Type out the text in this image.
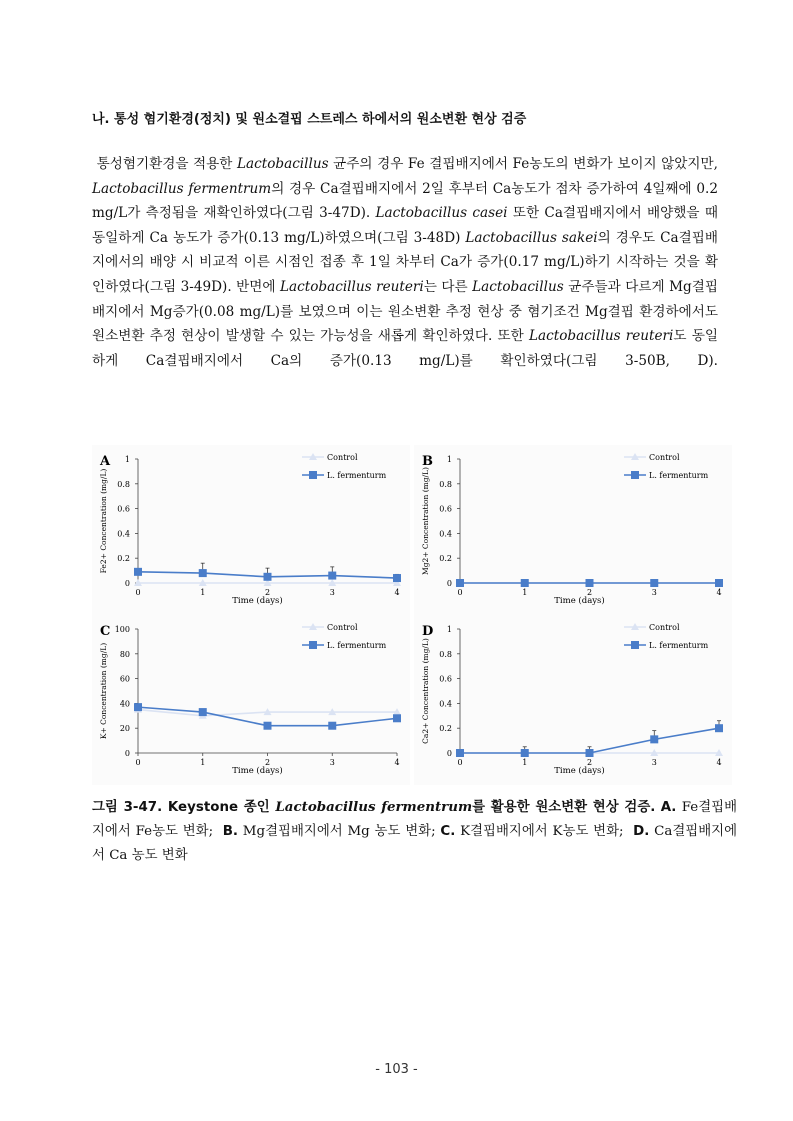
나. 통성 혐기환경(정치) 및 원소결핍 스트레스 하에서의 원소변환 현상 검증
통성혐기환경을 적용한 Lactobacillus 균주의 경우 Fe 결핍배지에서 Fe농도의 변화가 보이지 않았지만, Lactobacillus fermentrum의 경우 Ca결핍배지에서 2일 후부터 Ca농도가 점차 증가하여 4일째에 0.2 mg/L가 측정됨을 재확인하였다(그림 3-47D). Lactobacillus casei 또한 Ca결핍배지에서 배양했을 때 동일하게 Ca 농도가 증가(0.13 mg/L)하였으며(그림 3-48D) Lactobacillus sakei의 경우도 Ca결핍배지에서의 배양 시 비교적 이른 시점인 접종 후 1일 차부터 Ca가 증가(0.17 mg/L)하기 시작하는 것을 확인하였다(그림 3-49D). 반면에 Lactobacillus reuteri는 다른 Lactobacillus 균주들과 다르게 Mg결핍배지에서 Mg증가(0.08 mg/L)를 보였으며 이는 원소변환 추정 현상 중 혐기조건 Mg결핍 환경하에서도 원소변환 추정 현상이 발생할 수 있는 가능성을 새롭게 확인하였다. 또한 Lactobacillus reuteri도 동일하게 Ca결핍배지에서 Ca의 증가(0.13 mg/L)를 확인하였다(그림 3-50B, D).
A
0
0.2
0.4
0.6
0.8
1
0	1	2	3	4
Time (days)
Fe2+ Concentration (mg/L)
Control
L. fermenturm
B
0
0.2
0.4
0.6
0.8
1
0	1	2	3	4
Time (days)
Mg2+ Concentration (mg/L)
Control
L. fermenturm
C
0
20
40
60
80
100
0	1	2	3	4
Time (days)
K+ Concentration (mg/L)
Control
L. fermenturm
D
0
0.2
0.4
0.6
0.8
1
0	1	2	3	4
Time (days)
Ca2+ Concentration (mg/L)
Control
L. fermenturm
그림 3-47. Keystone 종인 Lactobacillus fermentrum를 활용한 원소변환 현상 검증. A. Fe결핍배지에서 Fe농도 변화; B. Mg결핍배지에서 Mg 농도 변화; C. K결핍배지에서 K농도 변화; D. Ca결핍배지에서 Ca 농도 변화
- 103 -
